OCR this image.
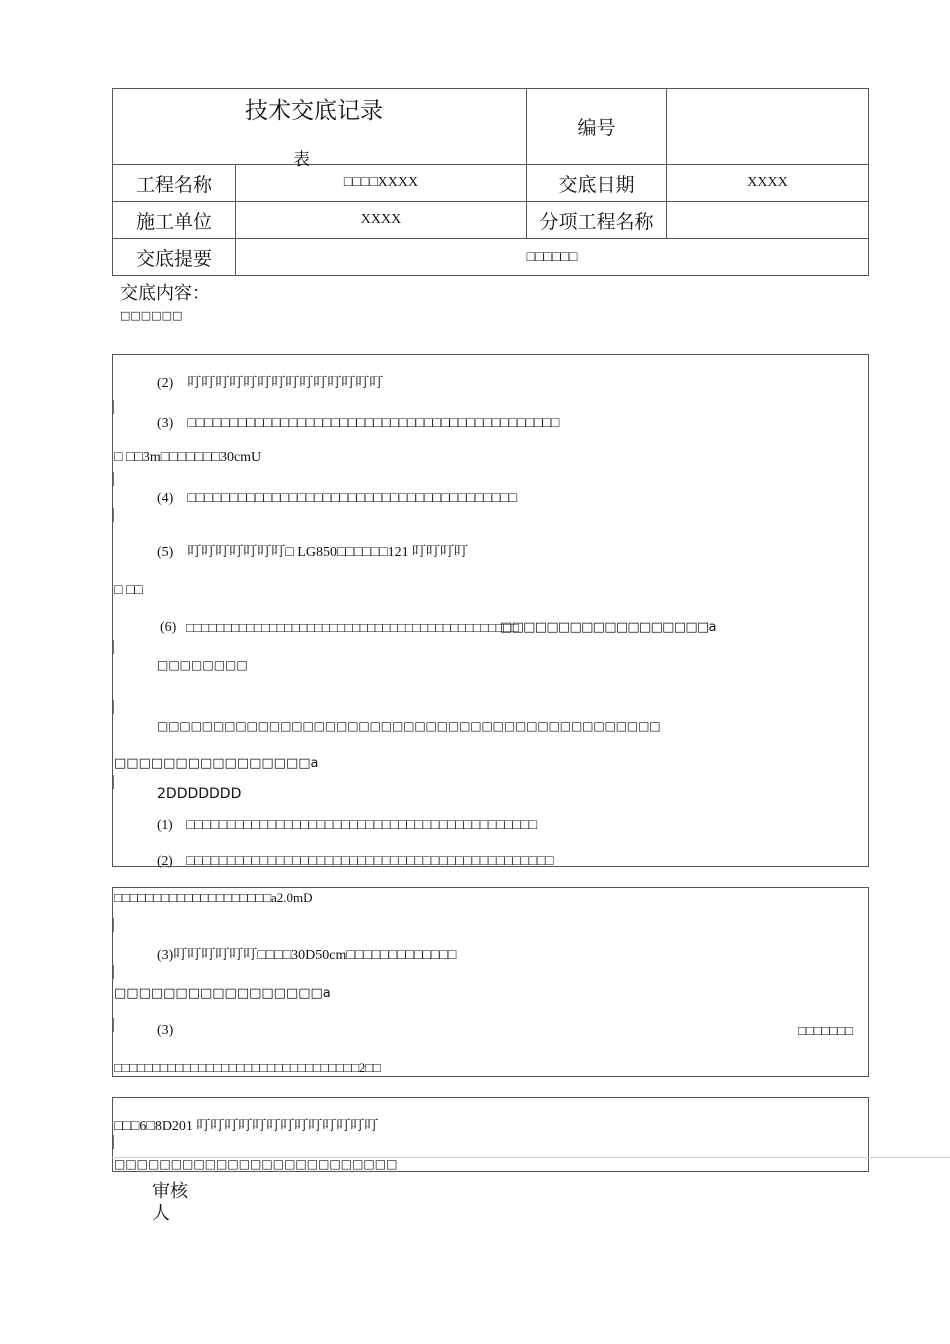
技术交底记录
表
编号
工程名称	□□□□XXXX	交底日期	XXXX
施工单位	XXXX	分项工程名称
交底提要	□□□□□□
交底内容：
□□□□□□
(2)　叮叮叮叮叮叮叮叮叮叮叮叮叮叮
(3)　□□□□□□□□□□□□□□□□□□□□□□□□□□□□□□□□□□□□□□□□□□□□
□ □□3m□□□□□□□30cmU
(4)　□□□□□□□□□□□□□□□□□□□□□□□□□□□□□□□□□□□□□□□
(5)　叮叮叮叮叮叮叮□ LG850□□□□□□121 叮叮叮叮
□ □□
(6) □□□□□□□□□□□□□□□□□□□□□□□□□□□□□□□□□□□□□□□□□□□□
□□□□□□□□□□□□□□□□□□a
□□□□□□□□
□□□□□□□□□□□□□□□□□□□□□□□□□□□□□□□□□□□□□□□□□□□□□
□□□□□□□□□□□□□□□□a
2DDDDDDD
(1)　□□□□□□□□□□□□□□□□□□□□□□□□□□□□□□□□□□□□□□□□□□□
(2)　□□□□□□□□□□□□□□□□□□□□□□□□□□□□□□□□□□□□□□□□□□□□□
□□□□□□□□□□□□□□□□□□□□a2.0mD
(3)叮叮叮叮叮叮□□□□30D50cm□□□□□□□□□□□□□
□□□□□□□□□□□□□□□□□a
(3)	□□□□□□□
□□□□□□□□□□□□□□□□□□□□□□□□□□□□□□□□2□□
□□□6□8D201 叮叮叮叮叮叮叮叮叮叮叮叮叮
□□□□□□□□□□□□□□□□□□□□□□□□□
审核
人
